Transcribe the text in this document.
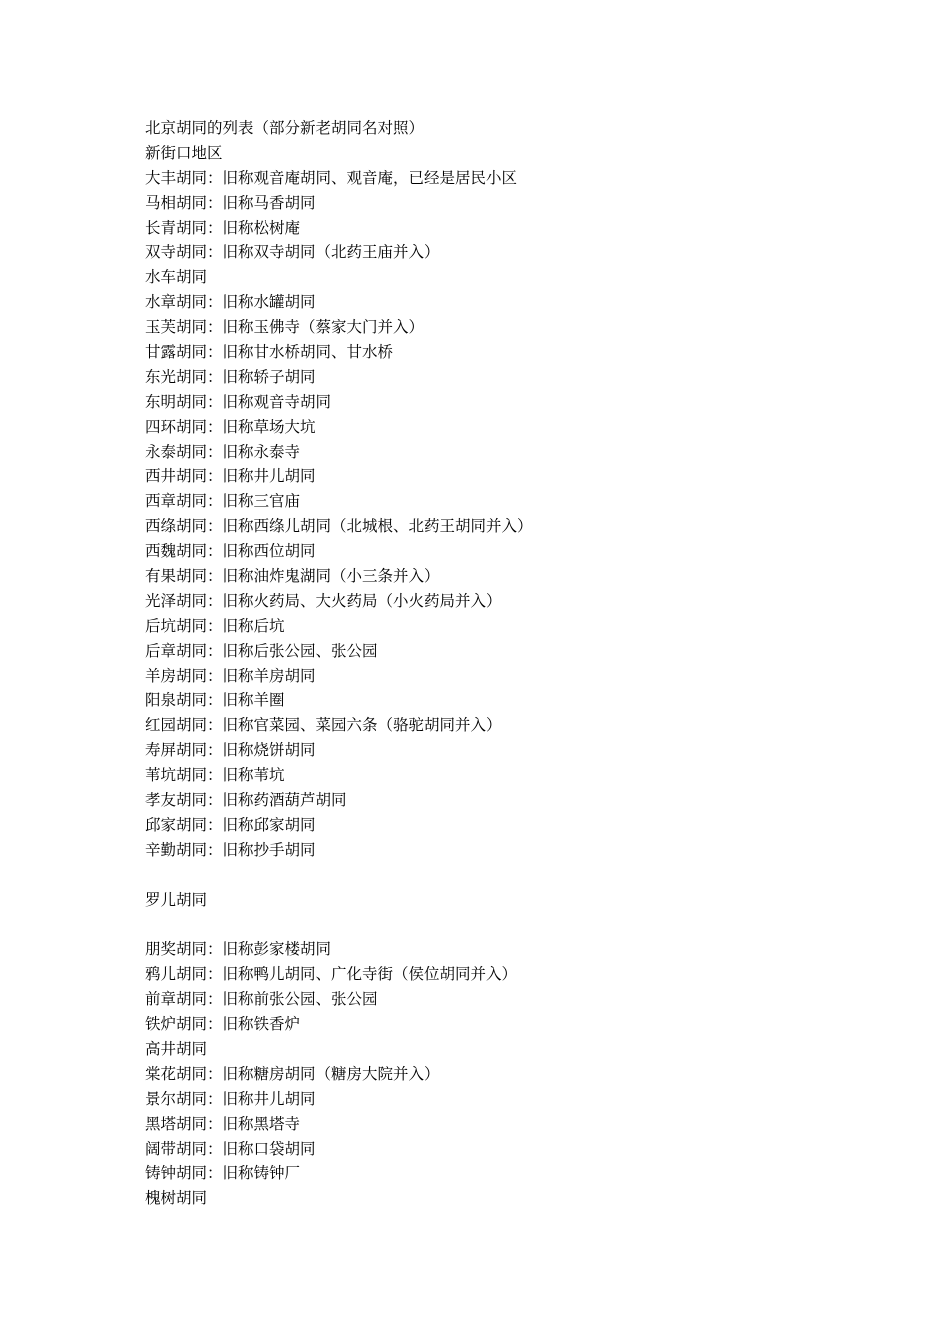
北京胡同的列表（部分新老胡同名对照）
新街口地区
大丰胡同：旧称观音庵胡同、观音庵，已经是居民小区
马相胡同：旧称马香胡同
长青胡同：旧称松树庵
双寺胡同：旧称双寺胡同（北药王庙并入）
水车胡同
水章胡同：旧称水罐胡同
玉芙胡同：旧称玉佛寺（蔡家大门并入）
甘露胡同：旧称甘水桥胡同、甘水桥
东光胡同：旧称轿子胡同
东明胡同：旧称观音寺胡同
四环胡同：旧称草场大坑
永泰胡同：旧称永泰寺
西井胡同：旧称井儿胡同
西章胡同：旧称三官庙
西绦胡同：旧称西绦儿胡同（北城根、北药王胡同并入）
西魏胡同：旧称西位胡同
有果胡同：旧称油炸鬼湖同（小三条并入）
光泽胡同：旧称火药局、大火药局（小火药局并入）
后坑胡同：旧称后坑
后章胡同：旧称后张公园、张公园
羊房胡同：旧称羊房胡同
阳泉胡同：旧称羊圈
红园胡同：旧称官菜园、菜园六条（骆驼胡同并入）
寿屏胡同：旧称烧饼胡同
苇坑胡同：旧称苇坑
孝友胡同：旧称药酒葫芦胡同
邱家胡同：旧称邱家胡同
辛勤胡同：旧称抄手胡同
罗儿胡同
朋奖胡同：旧称彭家楼胡同
鸦儿胡同：旧称鸭儿胡同、广化寺街（侯位胡同并入）
前章胡同：旧称前张公园、张公园
铁炉胡同：旧称铁香炉
高井胡同
棠花胡同：旧称糖房胡同（糖房大院并入）
景尔胡同：旧称井儿胡同
黑塔胡同：旧称黑塔寺
阔带胡同：旧称口袋胡同
铸钟胡同：旧称铸钟厂
槐树胡同
